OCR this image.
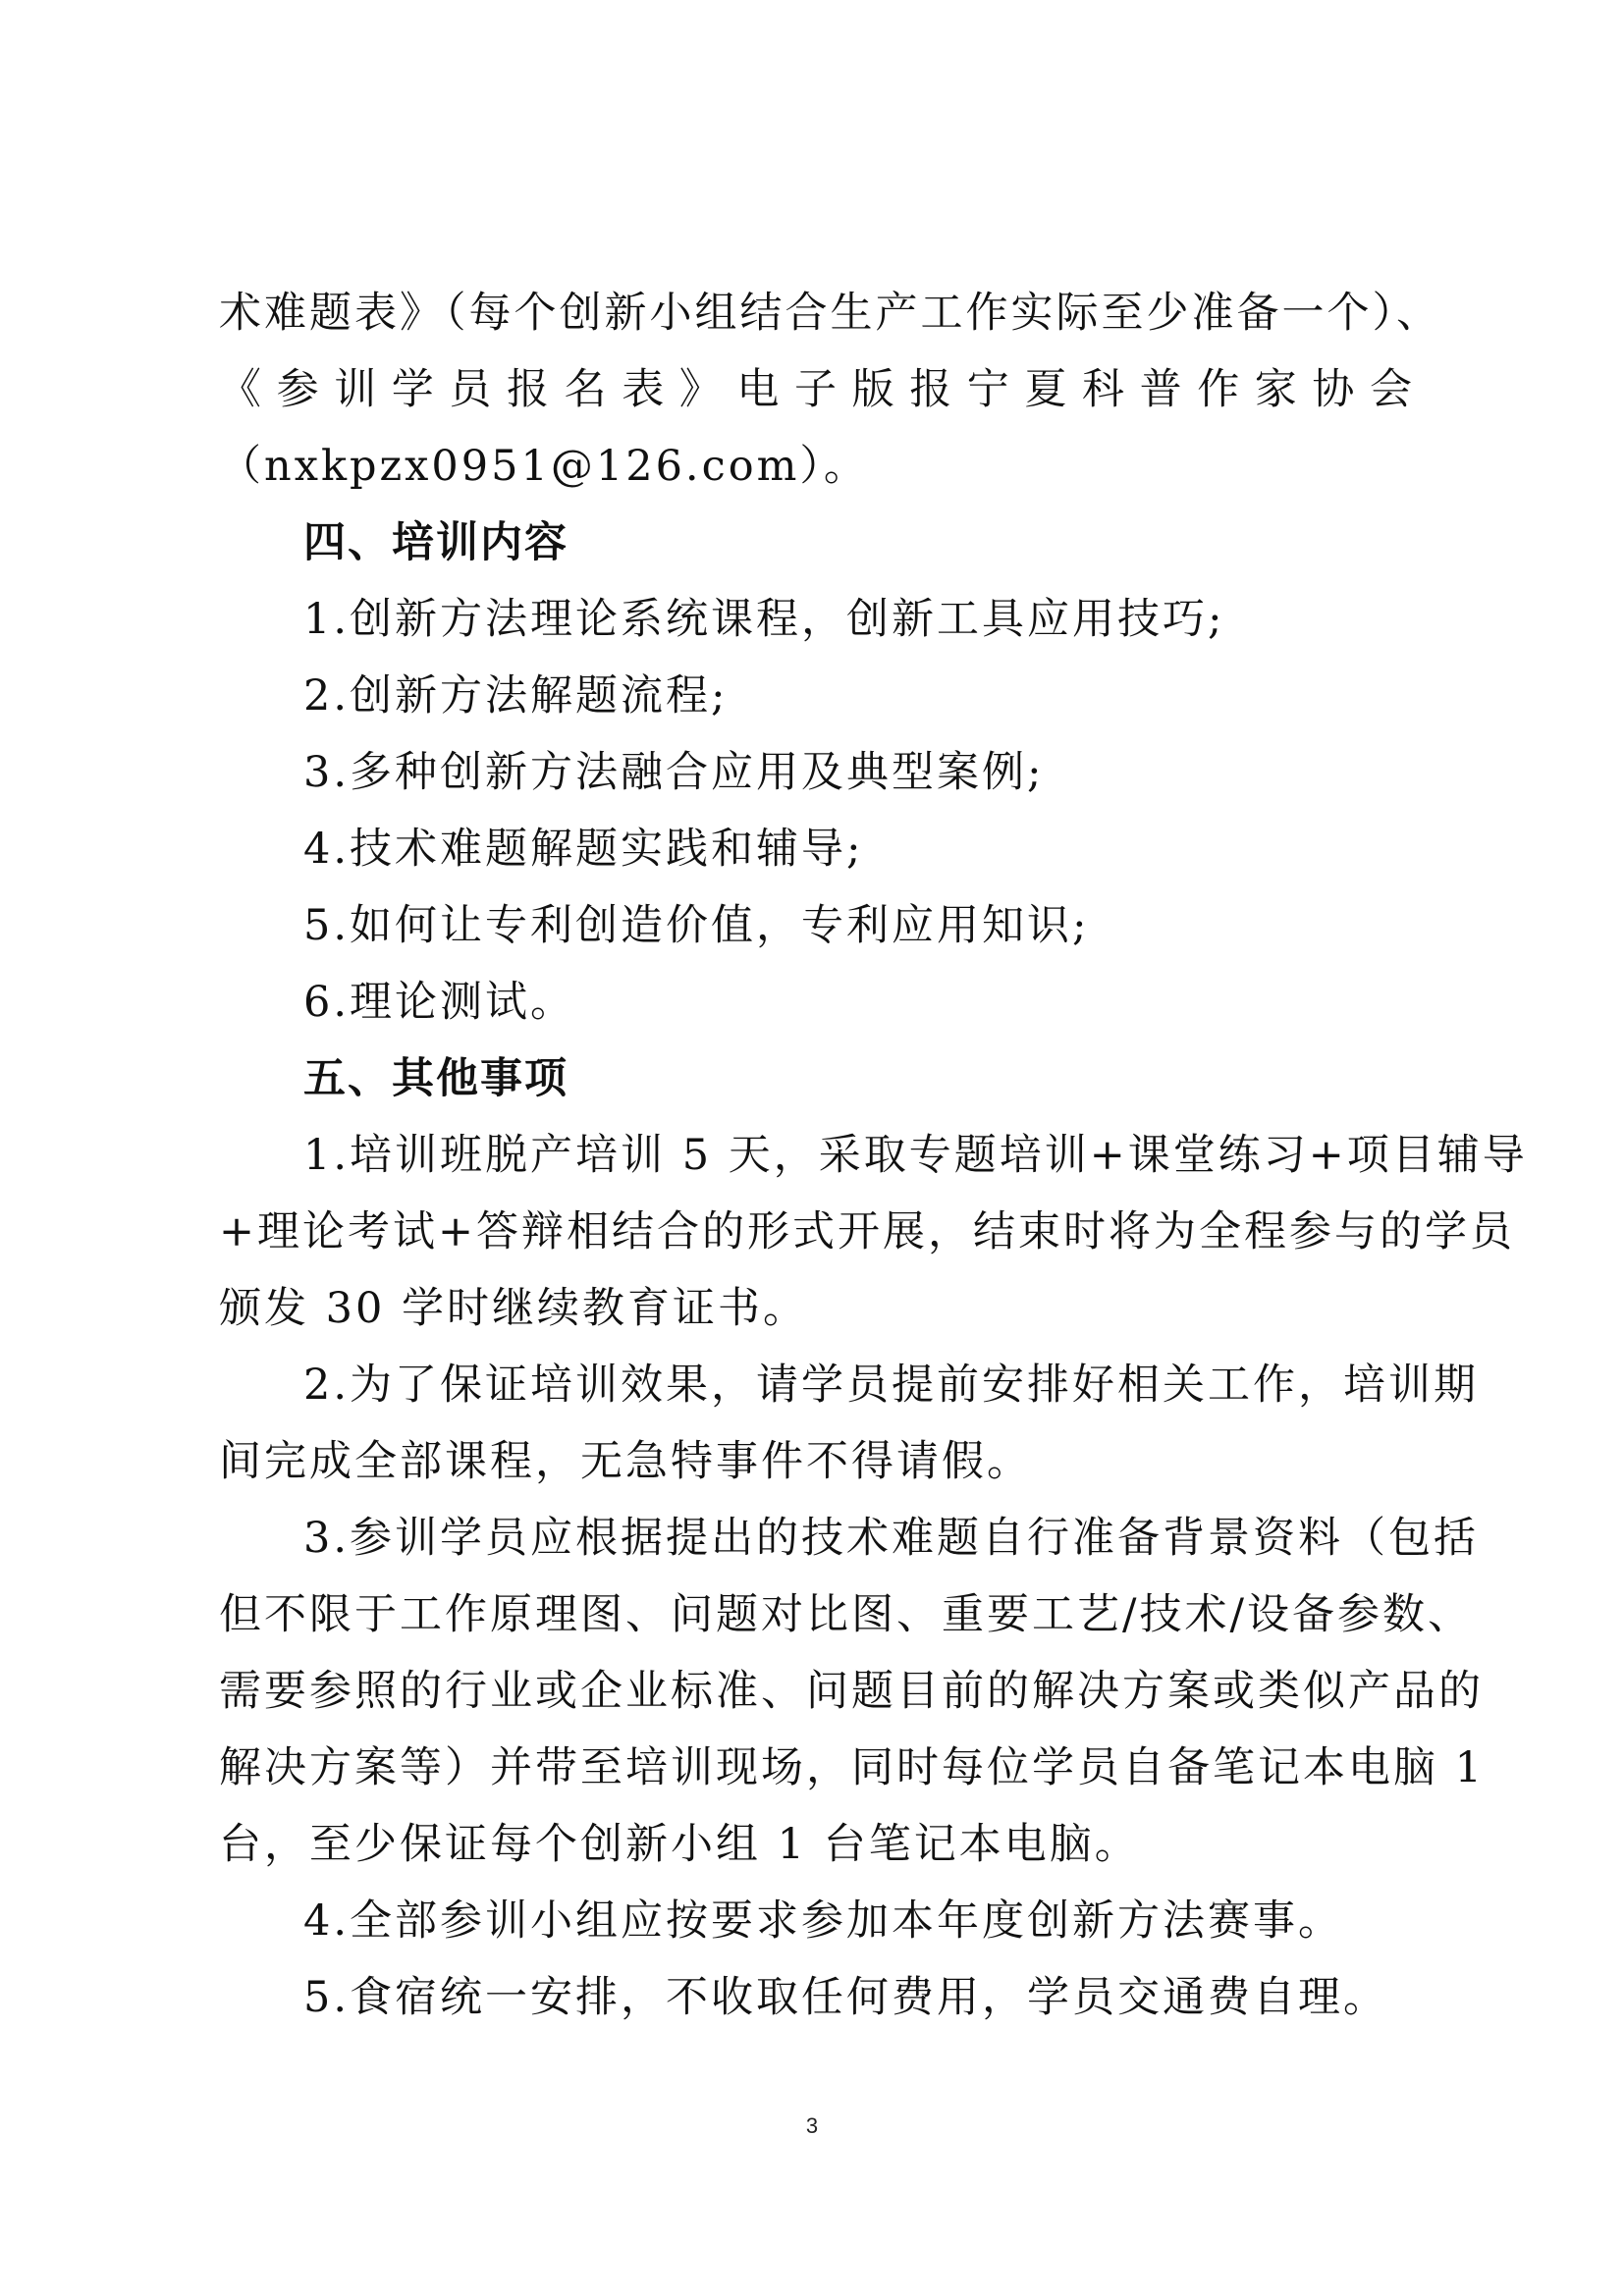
术难题表》（每个创新小组结合生产工作实际至少准备一个）、
《参训学员报名表》电子版报宁夏科普作家协会
（nxkpzx0951@126.com）。
四、培训内容
1.创新方法理论系统课程，创新工具应用技巧;
2.创新方法解题流程;
3.多种创新方法融合应用及典型案例;
4.技术难题解题实践和辅导;
5.如何让专利创造价值，专利应用知识;
6.理论测试。
五、其他事项
1.培训班脱产培训 5 天，采取专题培训+课堂练习+项目辅导
+理论考试+答辩相结合的形式开展，结束时将为全程参与的学员
颁发 30 学时继续教育证书。
2.为了保证培训效果，请学员提前安排好相关工作，培训期
间完成全部课程，无急特事件不得请假。
3.参训学员应根据提出的技术难题自行准备背景资料（包括
但不限于工作原理图、问题对比图、重要工艺/技术/设备参数、
需要参照的行业或企业标准、问题目前的解决方案或类似产品的
解决方案等）并带至培训现场，同时每位学员自备笔记本电脑 1
台，至少保证每个创新小组 1 台笔记本电脑。
4.全部参训小组应按要求参加本年度创新方法赛事。
5.食宿统一安排，不收取任何费用，学员交通费自理。
3
